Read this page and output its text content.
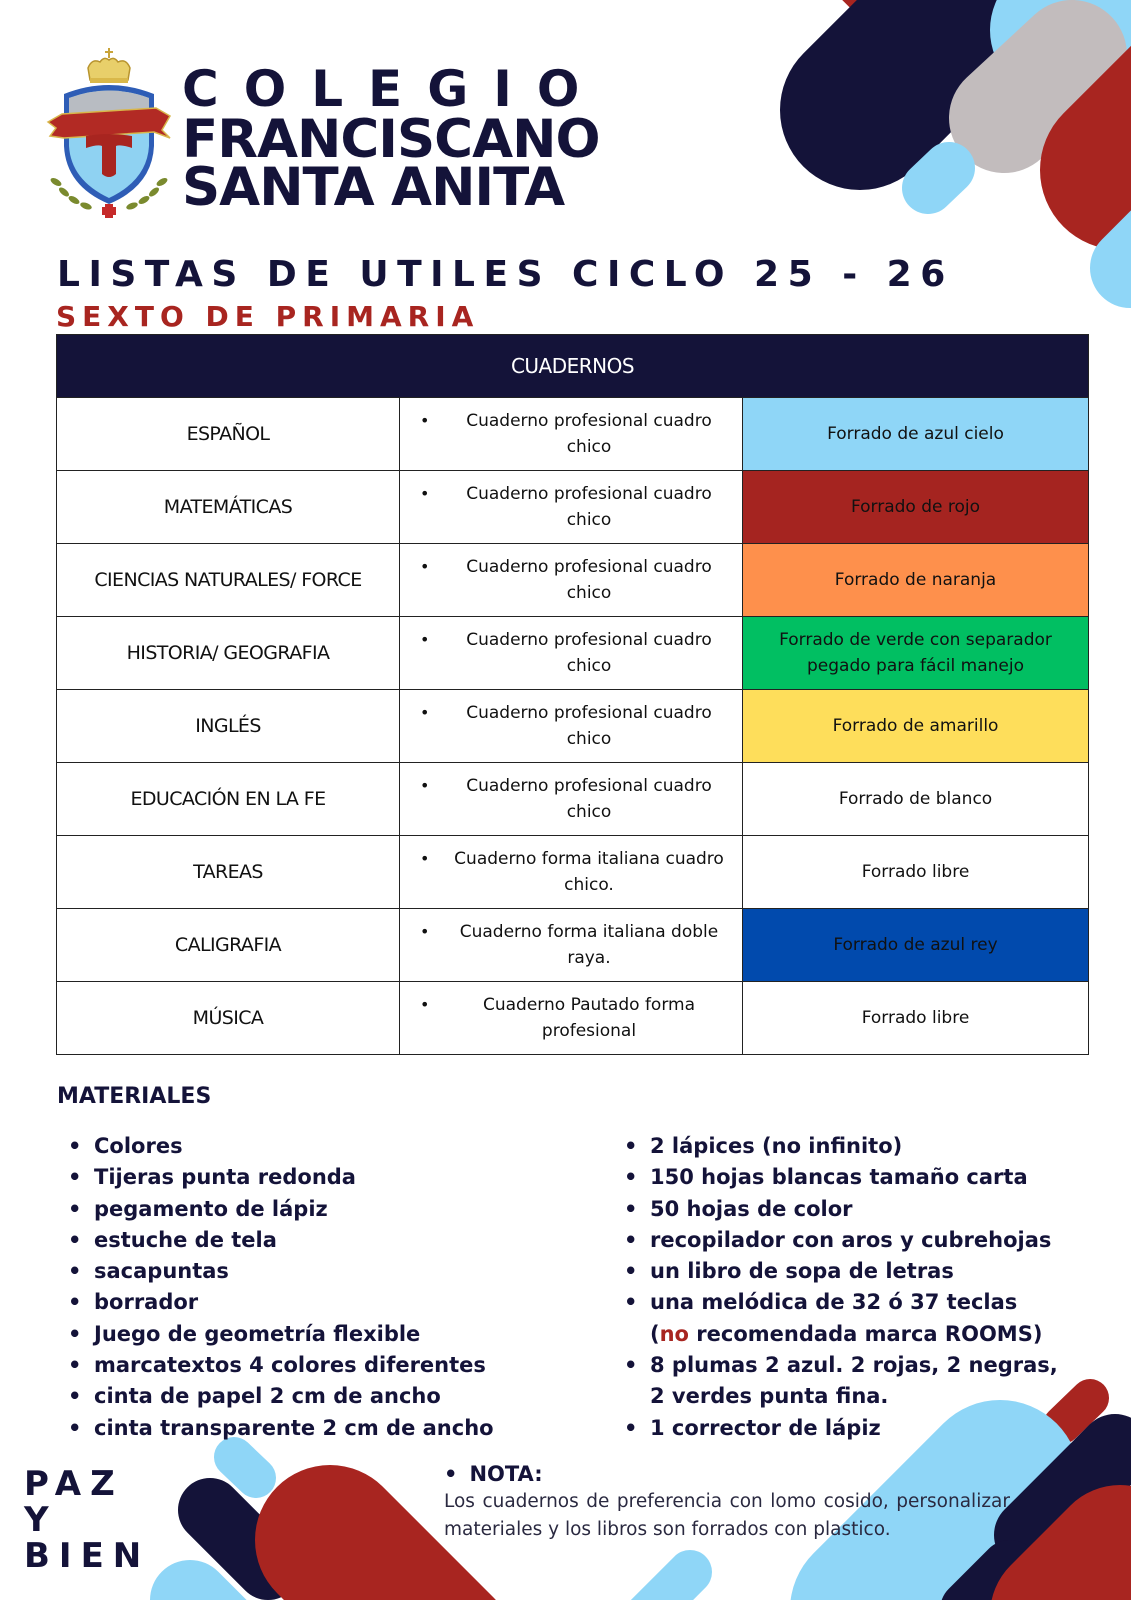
COLEGIO
FRANCISCANO
SANTA ANITA
LISTAS DE UTILES CICLO 25 - 26
SEXTO DE PRIMARIA
CUADERNOS		
ESPAÑOL	• Cuaderno profesional cuadro chico	Forrado de azul cielo
MATEMÁTICAS	• Cuaderno profesional cuadro chico	Forrado de rojo
CIENCIAS NATURALES/ FORCE	• Cuaderno profesional cuadro chico	Forrado de naranja
HISTORIA/ GEOGRAFIA	• Cuaderno profesional cuadro chico	Forrado de verde con separador pegado para fácil manejo
INGLÉS	• Cuaderno profesional cuadro chico	Forrado de amarillo
EDUCACIÓN EN LA FE	• Cuaderno profesional cuadro chico	Forrado de blanco
TAREAS	• Cuaderno forma italiana cuadro chico.	Forrado libre
CALIGRAFIA	• Cuaderno forma italiana doble raya.	Forrado de azul rey
MÚSICA	• Cuaderno Pautado forma profesional	Forrado libre
MATERIALES
• Colores
• Tijeras punta redonda
• pegamento de lápiz
• estuche de tela
• sacapuntas
• borrador
• Juego de geometría flexible
• marcatextos 4 colores diferentes
• cinta de papel 2 cm de ancho
• cinta transparente 2 cm de ancho
• 2 lápices (no infinito)
• 150 hojas blancas tamaño carta
• 50 hojas de color
• recopilador con aros y cubrehojas
• un libro de sopa de letras
• una melódica de 32 ó 37 teclas
(no recomendada marca ROOMS)
• 8 plumas 2 azul. 2 rojas, 2 negras,
2 verdes punta fina.
• 1 corrector de lápiz
PAZ
Y
BIEN
• NOTA:
Los cuadernos de preferencia con lomo cosido, personalizar materiales y los libros son forrados con plastico.
